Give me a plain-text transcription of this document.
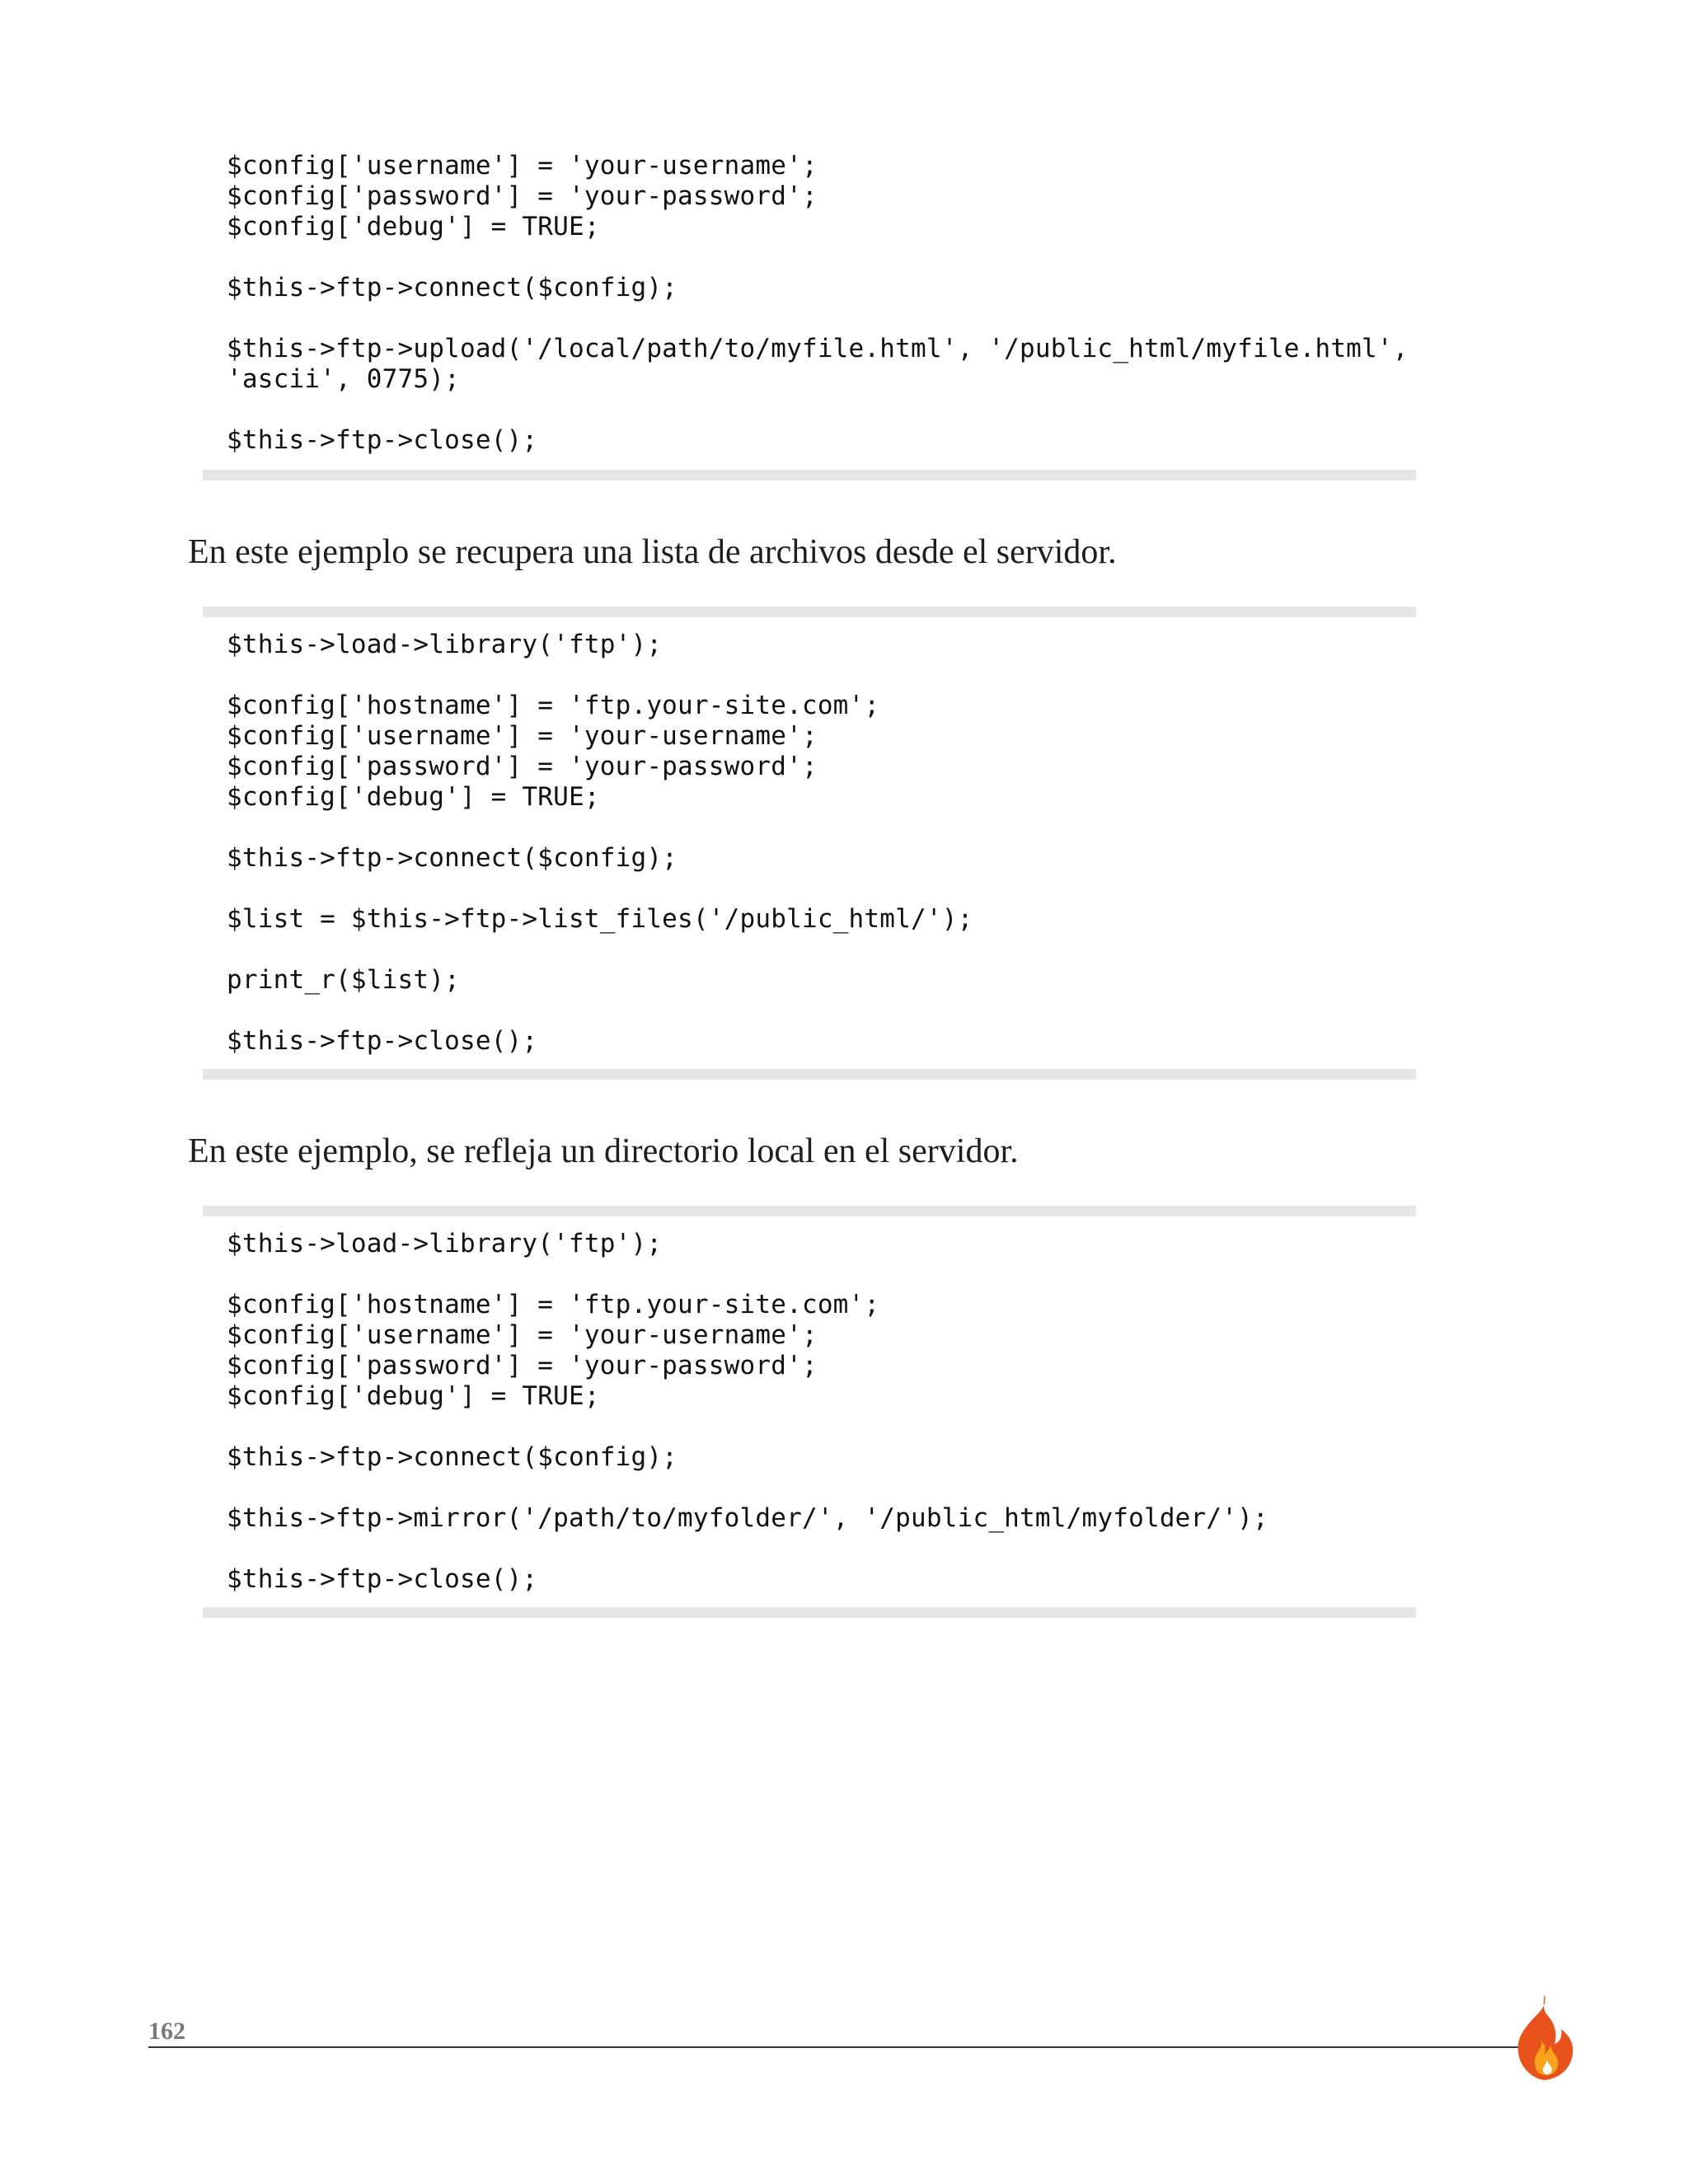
$config['username'] = 'your-username';
$config['password'] = 'your-password';
$config['debug'] = TRUE;
$this->ftp->connect($config);
$this->ftp->upload('/local/path/to/myfile.html', '/public_html/myfile.html',
'ascii', 0775);
$this->ftp->close();

En este ejemplo se recupera una lista de archivos desde el servidor.

$this->load->library('ftp');
$config['hostname'] = 'ftp.your-site.com';
$config['username'] = 'your-username';
$config['password'] = 'your-password';
$config['debug'] = TRUE;
$this->ftp->connect($config);
$list = $this->ftp->list_files('/public_html/');
print_r($list);
$this->ftp->close();

En este ejemplo, se refleja un directorio local en el servidor.

$this->load->library('ftp');
$config['hostname'] = 'ftp.your-site.com';
$config['username'] = 'your-username';
$config['password'] = 'your-password';
$config['debug'] = TRUE;
$this->ftp->connect($config);
$this->ftp->mirror('/path/to/myfolder/', '/public_html/myfolder/');
$this->ftp->close();
162
